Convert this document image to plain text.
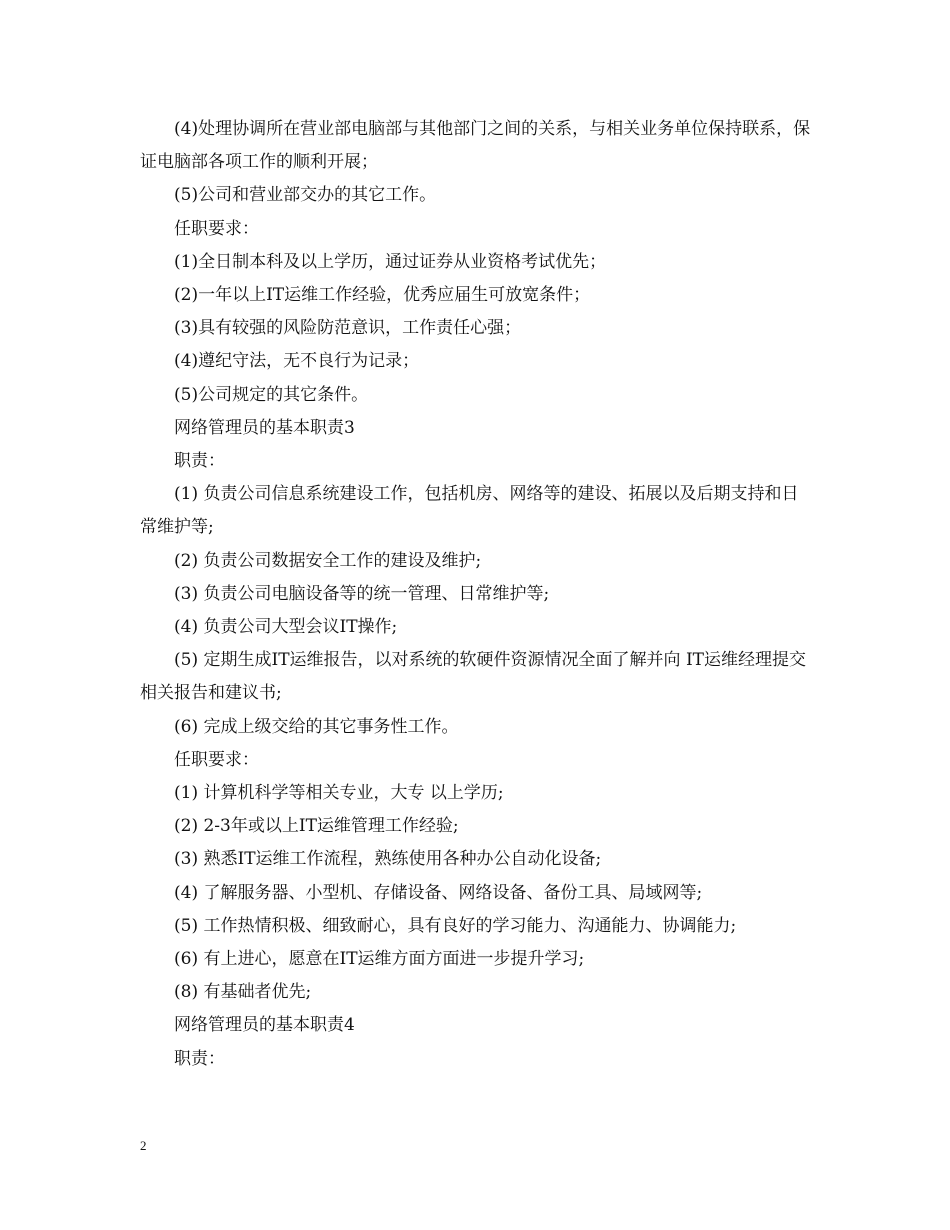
(4)处理协调所在营业部电脑部与其他部门之间的关系，与相关业务单位保持联系，保证电脑部各项工作的顺利开展；

(5)公司和营业部交办的其它工作。

任职要求：

(1)全日制本科及以上学历，通过证券从业资格考试优先；

(2)一年以上IT运维工作经验，优秀应届生可放宽条件；

(3)具有较强的风险防范意识，工作责任心强；

(4)遵纪守法，无不良行为记录；

(5)公司规定的其它条件。

网络管理员的基本职责3

职责：

(1) 负责公司信息系统建设工作，包括机房、网络等的建设、拓展以及后期支持和日常维护等;

(2) 负责公司数据安全工作的建设及维护;

(3) 负责公司电脑设备等的统一管理、日常维护等;

(4) 负责公司大型会议IT操作;

(5) 定期生成IT运维报告，以对系统的软硬件资源情况全面了解并向 IT运维经理提交相关报告和建议书;

(6) 完成上级交给的其它事务性工作。

任职要求：

(1) 计算机科学等相关专业，大专 以上学历;

(2) 2-3年或以上IT运维管理工作经验;

(3) 熟悉IT运维工作流程，熟练使用各种办公自动化设备;

(4) 了解服务器、小型机、存储设备、网络设备、备份工具、局域网等;

(5) 工作热情积极、细致耐心，具有良好的学习能力、沟通能力、协调能力;

(6) 有上进心，愿意在IT运维方面方面进一步提升学习;

(8) 有基础者优先;

网络管理员的基本职责4

职责：

2
